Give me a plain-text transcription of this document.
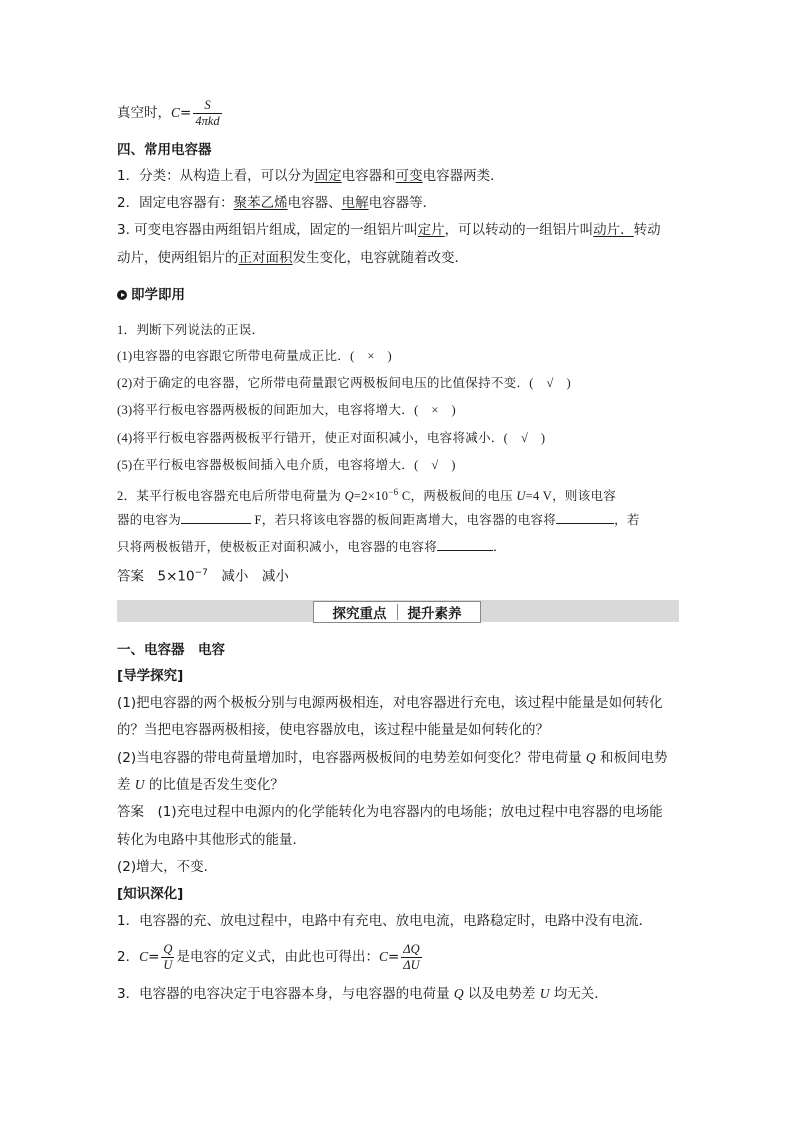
真空时，$C= \frac{S}{\text{4πkd}}$
四、常用电容器
1．分类：从构造上看，可以分为固定电容器和可变电容器两类．
2．固定电容器有：聚苯乙烯电容器、电解电容器等．
3. 可变电容器由两组铝片组成，固定的一组铝片叫定片，可以转动的一组铝片叫动片．转动
动片，使两组铝片的正对面积发生变化，电容就随着改变．
即学即用
1．判断下列说法的正误．
(1)电容器的电容跟它所带电荷量成正比．(　×　)
(2)对于确定的电容器，它所带电荷量跟它两极板间电压的比值保持不变．(　√　)
(3)将平行板电容器两极板的间距加大，电容将增大．(　×　)
(4)将平行板电容器两极板平行错开，使正对面积减小，电容将减小．(　√　)
(5)在平行板电容器极板间插入电介质，电容将增大．(　√　)
2．某平行板电容器充电后所带电荷量为 $Q=2\times 10^{-6}$ C，两极板间的电压 U=4 V，则该电容
器的电容为	F，若只将该电容器的板间距离增大，电容器的电容将	，若
只将两极板错开，使极板正对面积减小，电容器的电容将	．
答案　$5\times 10^{-7}$　减小　减小
探究重点 提升素养
一、电容器　电容
[导学探究]
(1)把电容器的两个极板分别与电源两极相连，对电容器进行充电，该过程中能量是如何转化
的？当把电容器两极相接，使电容器放电，该过程中能量是如何转化的？
(2)当电容器的带电荷量增加时，电容器两极板间的电势差如何变化？带电荷量 Q 和板间电势
差 U 的比值是否发生变化？
答案　(1)充电过程中电源内的化学能转化为电容器内的电场能；放电过程中电容器的电场能
转化为电路中其他形式的能量．
(2)增大，不变．
[知识深化]
1．电容器的充、放电过程中，电路中有充电、放电电流，电路稳定时，电路中没有电流．
2．$C= \frac{Q}{U}$ 是电容的定义式，由此也可得出：$C= \frac{\Delta Q}{\Delta U}$
3．电容器的电容决定于电容器本身，与电容器的电荷量 Q 以及电势差 U 均无关．
